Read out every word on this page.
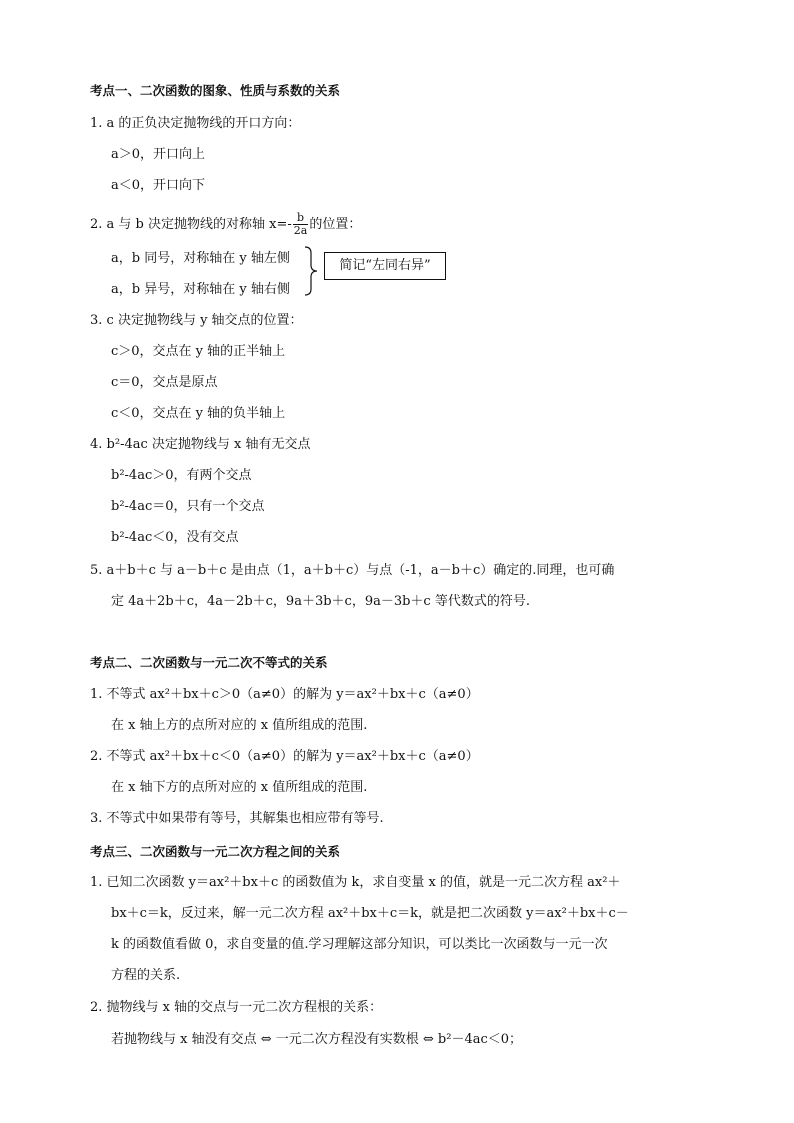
考点一、二次函数的图象、性质与系数的关系
1. a 的正负决定抛物线的开口方向：
a＞0，开口向上
a＜0，开口向下
2. a 与 b 决定抛物线的对称轴 $x=- \frac{b}{2a}$ 的位置：
a，b 同号，对称轴在 y 轴左侧
a，b 异号，对称轴在 y 轴右侧
简记“左同右异”
3. c 决定抛物线与 y 轴交点的位置：
c＞0，交点在 y 轴的正半轴上
c＝0，交点是原点
c＜0，交点在 y 轴的负半轴上
4. b²-4ac 决定抛物线与 x 轴有无交点
b²-4ac＞0，有两个交点
b²-4ac＝0，只有一个交点
b²-4ac＜0，没有交点
5. a＋b＋c 与 a－b＋c 是由点（1，a＋b＋c）与点（-1，a－b＋c）确定的.同理，也可确
定 4a＋2b＋c，4a－2b＋c，9a＋3b＋c，9a－3b＋c 等代数式的符号.
考点二、二次函数与一元二次不等式的关系
1. 不等式 ax²＋bx＋c＞0（a≠0）的解为 y＝ax²＋bx＋c（a≠0）
在 x 轴上方的点所对应的 x 值所组成的范围.
2. 不等式 ax²＋bx＋c＜0（a≠0）的解为 y＝ax²＋bx＋c（a≠0）
在 x 轴下方的点所对应的 x 值所组成的范围.
3. 不等式中如果带有等号，其解集也相应带有等号.
考点三、二次函数与一元二次方程之间的关系
1. 已知二次函数 y＝ax²＋bx＋c 的函数值为 k，求自变量 x 的值，就是一元二次方程 ax²＋
bx＋c＝k，反过来，解一元二次方程 ax²＋bx＋c＝k，就是把二次函数 y＝ax²＋bx＋c－
k 的函数值看做 0，求自变量的值.学习理解这部分知识，可以类比一次函数与一元一次
方程的关系.
2. 抛物线与 x 轴的交点与一元二次方程根的关系：
若抛物线与 x 轴没有交点 ⇔ 一元二次方程没有实数根 ⇔ b²－4ac＜0；
